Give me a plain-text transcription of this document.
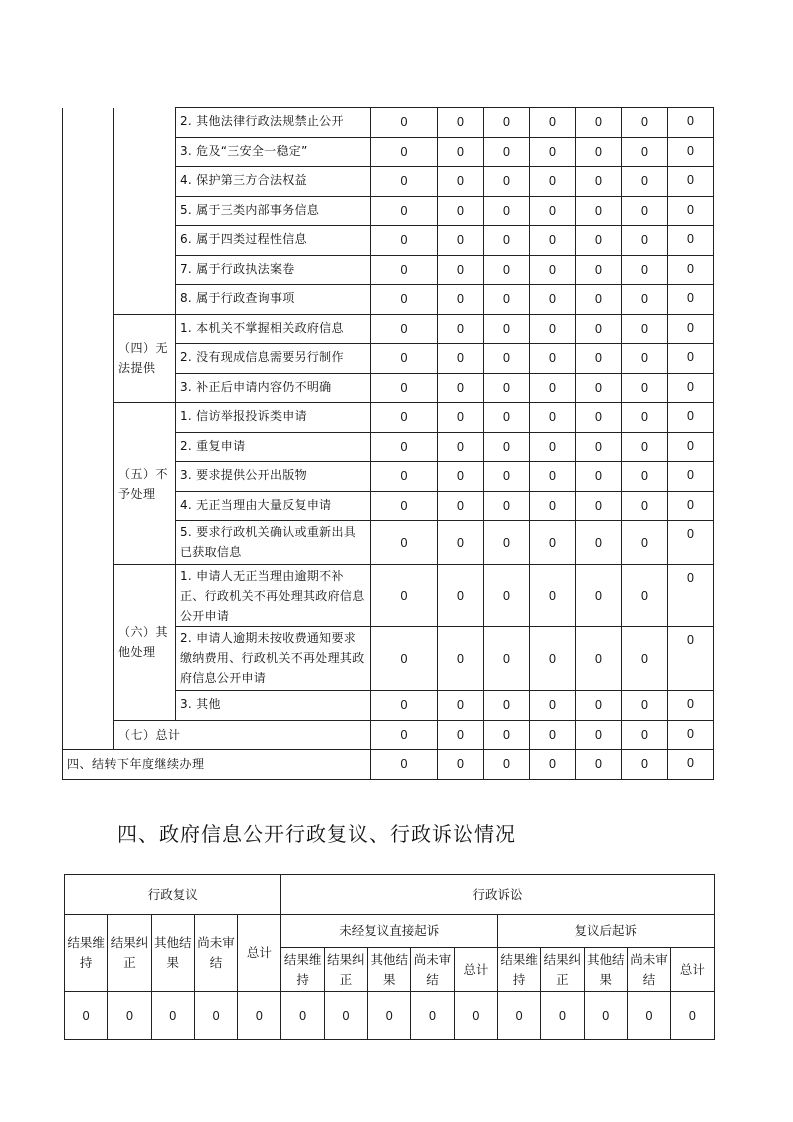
		2. 其他法律行政法规禁止公开	0	0	0	0	0	0	0
		3. 危及“三安全一稳定”	0	0	0	0	0	0	0
		4. 保护第三方合法权益	0	0	0	0	0	0	0
		5. 属于三类内部事务信息	0	0	0	0	0	0	0
		6. 属于四类过程性信息	0	0	0	0	0	0	0
		7. 属于行政执法案卷	0	0	0	0	0	0	0
		8. 属于行政查询事项	0	0	0	0	0	0	0
	（四）无法提供	1. 本机关不掌握相关政府信息	0	0	0	0	0	0	0
		2. 没有现成信息需要另行制作	0	0	0	0	0	0	0
		3. 补正后申请内容仍不明确	0	0	0	0	0	0	0
	（五）不予处理	1. 信访举报投诉类申请	0	0	0	0	0	0	0
		2. 重复申请	0	0	0	0	0	0	0
		3. 要求提供公开出版物	0	0	0	0	0	0	0
		4. 无正当理由大量反复申请	0	0	0	0	0	0	0
		5. 要求行政机关确认或重新出具已获取信息	0	0	0	0	0	0	0
	（六）其他处理	1. 申请人无正当理由逾期不补正、行政机关不再处理其政府信息公开申请	0	0	0	0	0	0	0
		2. 申请人逾期未按收费通知要求缴纳费用、行政机关不再处理其政府信息公开申请	0	0	0	0	0	0	0
		3. 其他	0	0	0	0	0	0	0
	（七）总计		0	0	0	0	0	0	0
四、结转下年度继续办理			0	0	0	0	0	0	0
四、政府信息公开行政复议、行政诉讼情况
行政复议					行政诉讼									
结果维持	结果纠正	其他结果	尚未审结	总计	未经复议直接起诉					复议后起诉				
					结果维持	结果纠正	其他结果	尚未审结	总计	结果维持	结果纠正	其他结果	尚未审结	总计
0	0	0	0	0	0	0	0	0	0	0	0	0	0	0
